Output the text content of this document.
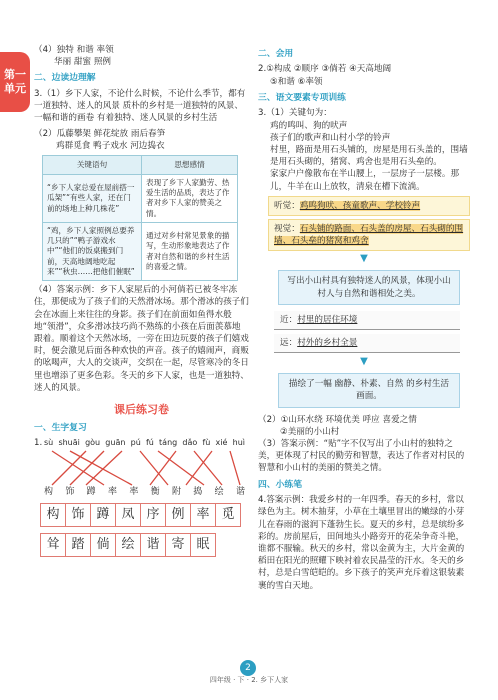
第一
单元

（4）独特 和谐 率领

华丽 甜蜜 照例

二、边读边理解

3.（1）乡下人家，不论什么时候，不论什么季节，都有一道独特、迷人的风景 质朴的乡村是一道独特的风景、一幅和谐的画卷 有着独特、迷人风景的乡村生活

（2）瓜藤攀架 鲜花绽放 雨后春笋

鸡群觅食 鸭子戏水 河边捣衣

关键语句	思想感情
“乡下人家总爱在屋前搭一瓜架”“有些人家，还在门前的场地上种几株花”	表现了乡下人家勤劳、热爱生活的品质，表达了作者对乡下人家的赞美之情。
“鸡，乡下人家照例总要养几只的”“鸭子游戏水中”“他们的饭桌搬到门前，天高地阔地吃起来”“秋虫……把他们催眠”	通过对乡村常见景象的描写，生动形象地表达了作者对自然和谐的乡村生活的喜爱之情。

（4）答案示例：乡下人家屋后的小河倘若已被冬牢冻住，那便成为了孩子们的天然滑冰场。那个滑冰的孩子们会在冰面上来往往的身影。孩子们在前面如鱼得水般地“领滑”，众多滑冰技巧尚不熟练的小孩在后面羡慕地跟着。顺着这个天然冰场，一旁在田边玩耍的孩子们嬉戏时，便会激见后面各种欢快的声音。孩子的嬉闹声，商贩的吆喝声，大人的交谈声，交织在一起，尽管寒冷的冬日里也增添了更多色彩。冬天的乡下人家，也是一道独特、迷人的风景。

课后练习卷
一、生字复习
1. sù shuāi gòu guān pú fú táng dǎo fù xié huì
构 饰 蹲 率 率 衡 附 捣 绘 谐
构 饰 蹲 凤 序 例 率 觅
耸 踏 倘 绘 谐 寄 眠
二、会用

2.①构成 ②顺序 ③倘若 ④天高地阔

⑤和谐 ⑥率领

三、语文要素专项训练

3.（1）关键句为：

鸡的鸣叫、狗的吠声

孩子们的歌声和山村小学的铃声

村里，路面是用石头铺的，房屋是用石头盖的，围墙是用石头砌的，猪窝、鸡舍也是用石头垒的。

家家户户像散布在半山腰上，一层房子一层楼。那儿，牛羊在山上放牧，清泉在槽下流淌。

听觉：鸡鸣狗吠、孩童歌声、学校铃声
视觉：石头铺的路面、石头盖的房屋、石头砌的围墙、石头垒的猪窝和鸡舍
▼
写出小山村具有独特迷人的风景，体现小山村人与自然和谐相处之美。
近：村里的居住环境
远：村外的乡村全景
▼
描绘了一幅 幽静、朴素、自然 的乡村生活画面。

（2）①山环水绕 环境优美 呼应 喜爱之情

②美丽的小山村

（3）答案示例：“贴”字不仅写出了小山村的独特之美，更体现了村民的勤劳和智慧，表达了作者对村民的智慧和小山村的美丽的赞美之情。

四、小练笔

4.答案示例：我爱乡村的一年四季。春天的乡村，常以绿色为主。树木抽芽，小草在土壤里冒出的嫩绿的小芽儿在春雨的滋润下蓬勃生长。夏天的乡村，总是缤纷多彩的。房前屋后，田间地头小路旁开的花朵争奇斗艳，谁都不服输。秋天的乡村，常以金黄为主，大片金黄的稻田在阳光的照耀下映衬着农民晶莹的汗水。冬天的乡村，总是白雪皑皑的。乡下孩子的笑声充斥着这银装素裹的雪白天地。

2
四年级 · 下 · 2. 乡下人家
